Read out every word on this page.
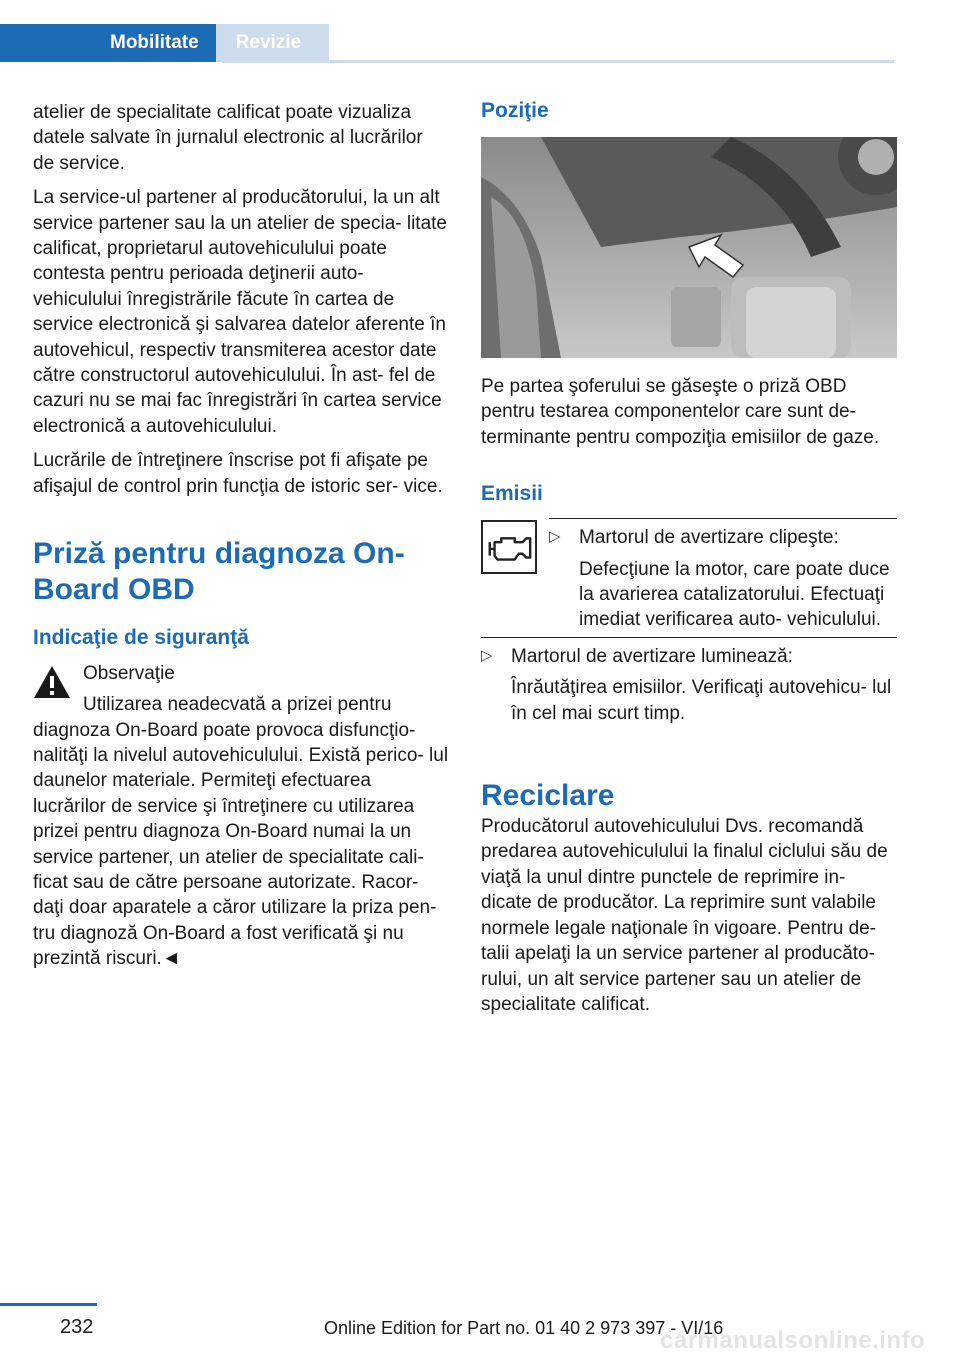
Mobilitate	Revizie

atelier de specialitate calificat poate vizualiza datele salvate în jurnalul electronic al lucrărilor de service.

La service-ul partener al producătorului, la un alt service partener sau la un atelier de specia‐ litate calificat, proprietarul autovehiculului poate contesta pentru perioada deţinerii auto‐ vehiculului înregistrările făcute în cartea de service electronică şi salvarea datelor aferente în autovehicul, respectiv transmiterea acestor date către constructorul autovehiculului. În ast‐ fel de cazuri nu se mai fac înregistrări în cartea service electronică a autovehiculului.

Lucrările de întreţinere înscrise pot fi afişate pe afişajul de control prin funcţia de istoric ser‐ vice.

Priză pentru diagnoza On- Board OBD
Indicaţie de siguranţă

Observaţie

Utilizarea neadecvată a prizei pentru diagnoza On-Board poate provoca disfuncţio‐ nalităţi la nivelul autovehiculului. Există perico‐ lul daunelor materiale. Permiteţi efectuarea lucrărilor de service şi întreţinere cu utilizarea prizei pentru diagnoza On-Board numai la un service partener, un atelier de specialitate cali‐ ficat sau de către persoane autorizate. Racor‐ daţi doar aparatele a căror utilizare la priza pen‐ tru diagnoză On-Board a fost verificată şi nu prezintă riscuri.◄

Poziţie

Pe partea şoferului se găseşte o priză OBD pentru testarea componentelor care sunt de‐ terminante pentru compoziţia emisiilor de gaze.

Emisii
▷ Martorul de avertizare clipeşte:

Defecţiune la motor, care poate duce la avarierea catalizatorului. Efectuaţi imediat verificarea auto‐ vehiculului.

▷ Martorul de avertizare luminează:

Înrăutăţirea emisiilor. Verificaţi autovehicu‐ lul în cel mai scurt timp.

Reciclare

Producătorul autovehiculului Dvs. recomandă predarea autovehiculului la finalul ciclului său de viaţă la unul dintre punctele de reprimire in‐ dicate de producător. La reprimire sunt valabile normele legale naţionale în vigoare. Pentru de‐ talii apelaţi la un service partener al producăto‐ rului, un alt service partener sau un atelier de specialitate calificat.

232	Online Edition for Part no. 01 40 2 973 397 - VI/16
carmanualsonline.info
